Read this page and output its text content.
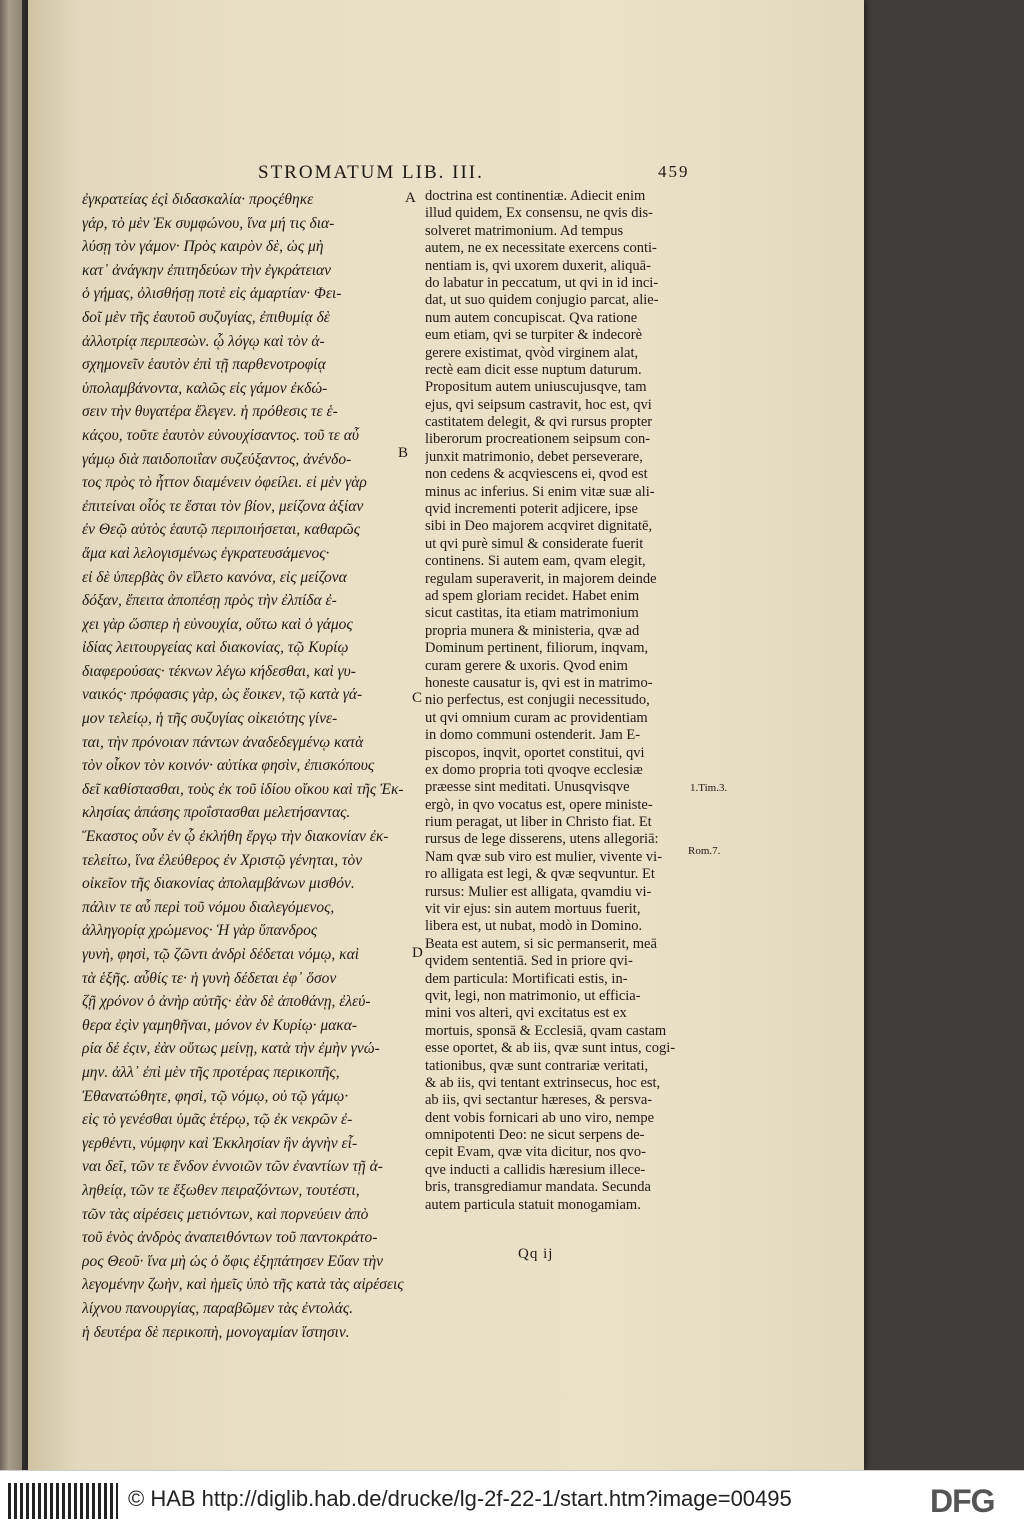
STROMATUM LIB. III.	459
ἐγκρατείας ἐςὶ διδασκαλία· προςέθηκε
γάρ, τὸ μὲν Ἐκ συμφώνου, ἵνα μή τις δια-
λύσῃ τὸν γάμον· Πρὸς καιρὸν δὲ, ὡς μὴ
κατ᾽ ἀνάγκην ἐπιτηδεύων τὴν ἐγκράτειαν
ὁ γήμας, ὀλισθήσῃ ποτὲ εἰς ἁμαρτίαν· Φει-
δοῖ μὲν τῆς ἑαυτοῦ συζυγίας, ἐπιθυμίᾳ δὲ
ἀλλοτρίᾳ περιπεσὼν. ᾧ λόγῳ καὶ τὸν ἀ-
σχημονεῖν ἑαυτὸν ἐπὶ τῇ παρθενοτροφίᾳ
ὑπολαμβάνοντα, καλῶς εἰς γάμον ἐκδώ-
σειν τὴν θυγατέρα ἔλεγεν. ἡ πρόθεσις τε ἑ-
κάςου, τοῦτε ἑαυτὸν εὐνουχίσαντος. τοῦ τε αὖ
γάμῳ διὰ παιδοποιΐαν συζεύξαντος, ἀνένδο-
τος πρὸς τὸ ἧττον διαμένειν ὀφείλει. εἰ μὲν γὰρ
ἐπιτείναι οἷός τε ἔσται τὸν βίον, μείζονα ἀξίαν
ἐν Θεῷ αὐτὸς ἑαυτῷ περιποιήσεται, καθαρῶς
ἅμα καὶ λελογισμένως ἐγκρατευσάμενος·
εἰ δὲ ὑπερβὰς ὃν εἵλετο κανόνα, εἰς μείζονα
δόξαν, ἔπειτα ἀποπέσῃ πρὸς τὴν ἐλπίδα ἐ-
χει γὰρ ὥσπερ ἡ εὐνουχία, οὕτω καὶ ὁ γάμος
ἰδίας λειτουργείας καὶ διακονίας, τῷ Κυρίῳ
διαφερούσας· τέκνων λέγω κήδεσθαι, καὶ γυ-
ναικός· πρόφασις γὰρ, ὡς ἔοικεν, τῷ κατὰ γά-
μον τελείῳ, ἡ τῆς συζυγίας οἰκειότης γίνε-
ται, τὴν πρόνοιαν πάντων ἀναδεδεγμένῳ κατὰ
τὸν οἶκον τὸν κοινόν· αὐτίκα φησὶν, ἐπισκόπους
δεῖ καθίστασθαι, τοὺς ἐκ τοῦ ἰδίου οἴκου καὶ τῆς Ἐκ-
κλησίας ἁπάσης προΐστασθαι μελετήσαντας.
Ἕκαστος οὖν ἐν ᾧ ἐκλήθη ἔργῳ τὴν διακονίαν ἐκ-
τελείτω, ἵνα ἐλεύθερος ἐν Χριστῷ γένηται, τὸν
οἰκεῖον τῆς διακονίας ἀπολαμβάνων μισθόν.
πάλιν τε αὖ περὶ τοῦ νόμου διαλεγόμενος,
ἀλληγορίᾳ χρώμενος· Ἡ γὰρ ὕπανδρος
γυνὴ, φησὶ, τῷ ζῶντι ἀνδρὶ δέδεται νόμῳ, καὶ
τὰ ἑξῆς. αὖθίς τε· ἡ γυνὴ δέδεται ἐφ᾽ ὅσον
ζῇ χρόνον ὁ ἀνὴρ αὐτῆς· ἐὰν δὲ ἀποθάνῃ, ἐλεύ-
θερα ἐςὶν γαμηθῆναι, μόνον ἐν Κυρίῳ· μακα-
ρία δέ ἐςιν, ἐὰν οὕτως μείνῃ, κατὰ τὴν ἐμὴν γνώ-
μην. ἀλλ᾽ ἐπὶ μὲν τῆς προτέρας περικοπῆς,
Ἐθανατώθητε, φησὶ, τῷ νόμῳ, οὐ τῷ γάμῳ·
εἰς τὸ γενέσθαι ὑμᾶς ἑτέρῳ, τῷ ἐκ νεκρῶν ἐ-
γερθέντι, νύμφην καὶ Ἐκκλησίαν ἣν ἁγνὴν εἶ-
ναι δεῖ, τῶν τε ἔνδον ἐννοιῶν τῶν ἐναντίων τῇ ἀ-
ληθείᾳ, τῶν τε ἔξωθεν πειραζόντων, τουτέστι,
τῶν τὰς αἱρέσεις μετιόντων, καὶ πορνεύειν ἀπὸ
τοῦ ἑνὸς ἀνδρὸς ἀναπειθόντων τοῦ παντοκράτο-
ρος Θεοῦ· ἵνα μὴ ὡς ὁ ὄφις ἐξηπάτησεν Εὔαν τὴν
λεγομένην ζωὴν, καὶ ἡμεῖς ὑπὸ τῆς κατὰ τὰς αἱρέσεις
λίχνου πανουργίας, παραβῶμεν τὰς ἐντολάς.
ἡ δευτέρα δὲ περικοπὴ, μονογαμίαν ἵστησιν.
doctrina est continentiæ. Adiecit enim
illud quidem, Ex consensu, ne qvis dis-
solveret matrimonium. Ad tempus
autem, ne ex necessitate exercens conti-
nentiam is, qvi uxorem duxerit, aliquā-
do labatur in peccatum, ut qvi in id inci-
dat, ut suo quidem conjugio parcat, alie-
num autem concupiscat. Qva ratione
eum etiam, qvi se turpiter & indecorè
gerere existimat, qvòd virginem alat,
rectè eam dicit esse nuptum daturum.
Propositum autem uniuscujusqve, tam
ejus, qvi seipsum castravit, hoc est, qvi
castitatem delegit, & qvi rursus propter
liberorum procreationem seipsum con-
junxit matrimonio, debet perseverare,
non cedens & acqviescens ei, qvod est
minus ac inferius. Si enim vitæ suæ ali-
qvid incrementi poterit adjicere, ipse
sibi in Deo majorem acqviret dignitatē,
ut qvi purè simul & considerate fuerit
continens. Si autem eam, qvam elegit,
regulam superaverit, in majorem deinde
ad spem gloriam recidet. Habet enim
sicut castitas, ita etiam matrimonium
propria munera & ministeria, qvæ ad
Dominum pertinent, filiorum, inqvam,
curam gerere & uxoris. Qvod enim
honeste causatur is, qvi est in matrimo-
nio perfectus, est conjugii necessitudo,
ut qvi omnium curam ac providentiam
in domo communi ostenderit. Jam E-
piscopos, inqvit, oportet constitui, qvi
ex domo propria toti qvoqve ecclesiæ
præesse sint meditati. Unusqvisqve
ergò, in qvo vocatus est, opere ministe-
rium peragat, ut liber in Christo fiat. Et
rursus de lege disserens, utens allegoriā:
Nam qvæ sub viro est mulier, vivente vi-
ro alligata est legi, & qvæ seqvuntur. Et
rursus: Mulier est alligata, qvamdiu vi-
vit vir ejus: sin autem mortuus fuerit,
libera est, ut nubat, modò in Domino.
Beata est autem, si sic permanserit, meā
qvidem sententiā. Sed in priore qvi-
dem particula: Mortificati estis, in-
qvit, legi, non matrimonio, ut efficia-
mini vos alteri, qvi excitatus est ex
mortuis, sponsā & Ecclesiā, qvam castam
esse oportet, & ab iis, qvæ sunt intus, cogi-
tationibus, qvæ sunt contrariæ veritati,
& ab iis, qvi tentant extrinsecus, hoc est,
ab iis, qvi sectantur hæreses, & persva-
dent vobis fornicari ab uno viro, nempe
omnipotenti Deo: ne sicut serpens de-
cepit Evam, qvæ vita dicitur, nos qvo-
qve inducti a callidis hæresium illece-
bris, transgrediamur mandata. Secunda
autem particula statuit monogamiam.
A
B
C
D
1.Tim.3.
Rom.7.
Qq ij
© HAB http://diglib.hab.de/drucke/lg-2f-22-1/start.htm?image=00495	DFG
